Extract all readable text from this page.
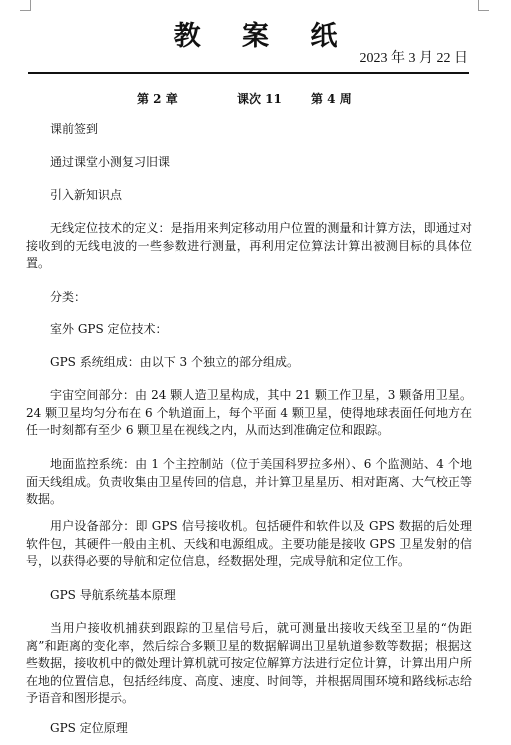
教 案 纸
2023 年 3 月 22 日
第 2 章	课次 11 第 4 周

课前签到

通过课堂小测复习旧课

引入新知识点

无线定位技术的定义：是指用来判定移动用户位置的测量和计算方法，即通过对接收到的无线电波的一些参数进行测量，再利用定位算法计算出被测目标的具体位置。

分类：

室外 GPS 定位技术：

GPS 系统组成：由以下 3 个独立的部分组成。

宇宙空间部分：由 24 颗人造卫星构成，其中 21 颗工作卫星，3 颗备用卫星。24 颗卫星均匀分布在 6 个轨道面上，每个平面 4 颗卫星，使得地球表面任何地方在任一时刻都有至少 6 颗卫星在视线之内，从而达到准确定位和跟踪。

地面监控系统：由 1 个主控制站（位于美国科罗拉多州）、6 个监测站、4 个地面天线组成。负责收集由卫星传回的信息，并计算卫星星历、相对距离、大气校正等数据。

用户设备部分：即 GPS 信号接收机。包括硬件和软件以及 GPS 数据的后处理软件包，其硬件一般由主机、天线和电源组成。主要功能是接收 GPS 卫星发射的信号，以获得必要的导航和定位信息，经数据处理，完成导航和定位工作。

GPS 导航系统基本原理

当用户接收机捕获到跟踪的卫星信号后，就可测量出接收天线至卫星的“伪距离”和距离的变化率，然后综合多颗卫星的数据解调出卫星轨道参数等数据；根据这些数据，接收机中的微处理计算机就可按定位解算方法进行定位计算，计算出用户所在地的位置信息，包括经纬度、高度、速度、时间等，并根据周围环境和路线标志给予语音和图形提示。

GPS 定位原理
